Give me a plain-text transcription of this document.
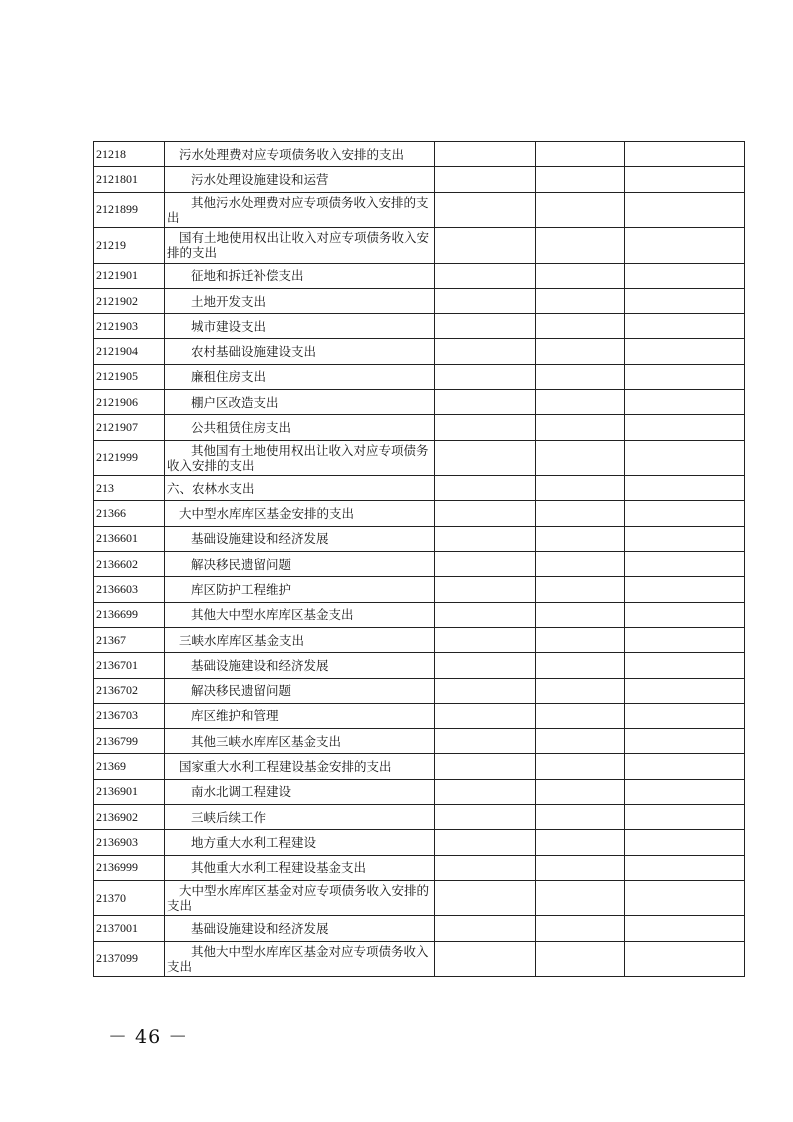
21218	污水处理费对应专项债务收入安排的支出			
2121801	污水处理设施建设和运营			
2121899	其他污水处理费对应专项债务收入安排的支出			
21219	国有土地使用权出让收入对应专项债务收入安排的支出			
2121901	征地和拆迁补偿支出			
2121902	土地开发支出			
2121903	城市建设支出			
2121904	农村基础设施建设支出			
2121905	廉租住房支出			
2121906	棚户区改造支出			
2121907	公共租赁住房支出			
2121999	其他国有土地使用权出让收入对应专项债务收入安排的支出			
213	六、农林水支出			
21366	大中型水库库区基金安排的支出			
2136601	基础设施建设和经济发展			
2136602	解决移民遗留问题			
2136603	库区防护工程维护			
2136699	其他大中型水库库区基金支出			
21367	三峡水库库区基金支出			
2136701	基础设施建设和经济发展			
2136702	解决移民遗留问题			
2136703	库区维护和管理			
2136799	其他三峡水库库区基金支出			
21369	国家重大水利工程建设基金安排的支出			
2136901	南水北调工程建设			
2136902	三峡后续工作			
2136903	地方重大水利工程建设			
2136999	其他重大水利工程建设基金支出			
21370	大中型水库库区基金对应专项债务收入安排的支出			
2137001	基础设施建设和经济发展			
2137099	其他大中型水库库区基金对应专项债务收入支出			
－ 46 －
